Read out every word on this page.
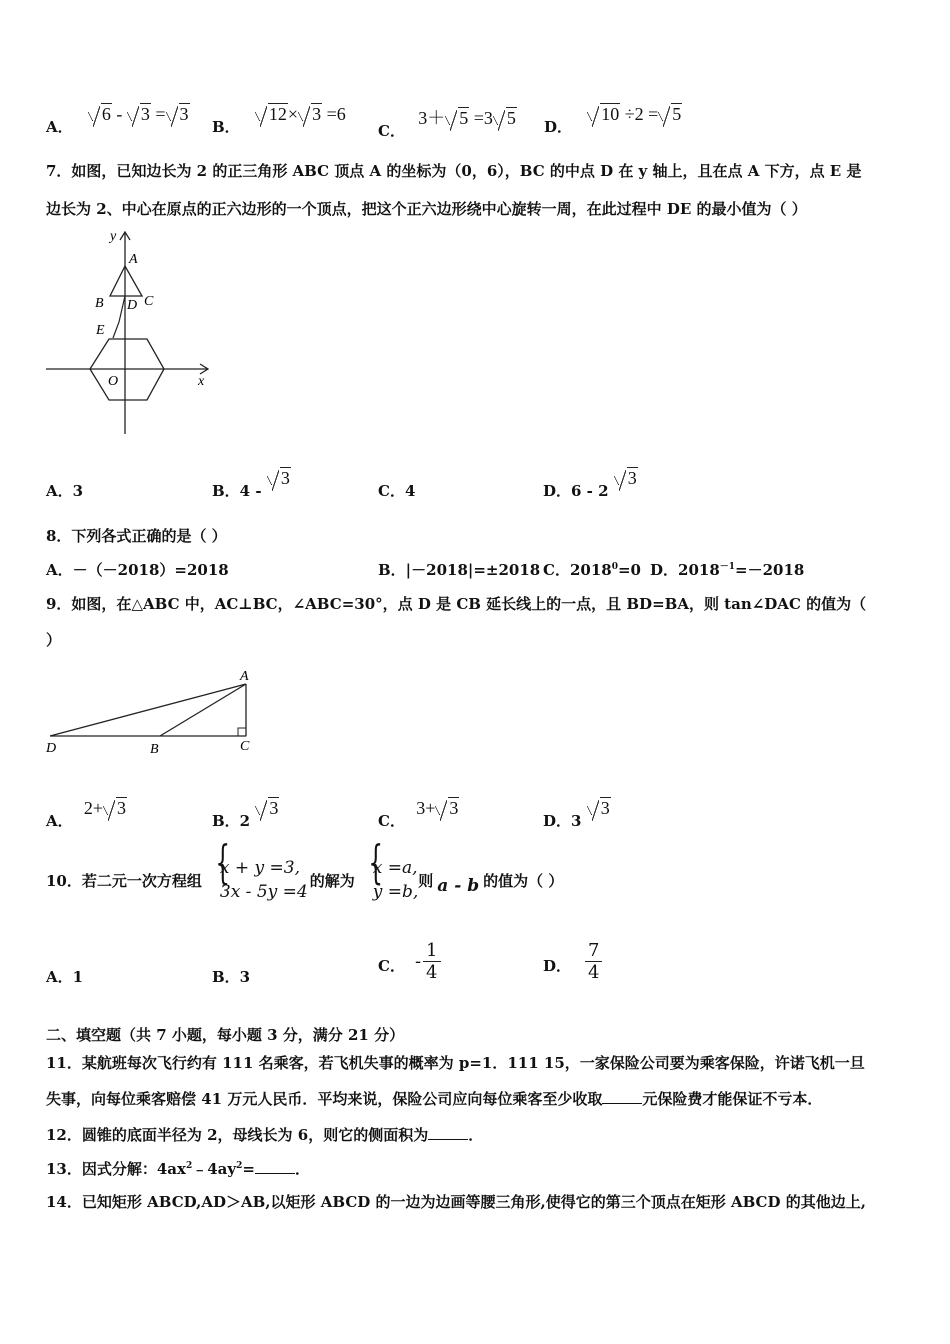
A． 6 - 3 = 3
B． 12× 3 =6
C． 3＋ 5 =3 5 D． 10 ÷2 = 5
7．如图，已知边长为 2 的正三角形 ABC 顶点 A 的坐标为（0，6），BC 的中点 D 在 y 轴上，且在点 A 下方，点 E 是
边长为 2、中心在原点的正六边形的一个顶点，把这个正六边形绕中心旋转一周，在此过程中 DE 的最小值为（ ）
y
x
A
B D C
E
O
A．3	B．4 - 3
C．4	D．6 - 2 3
8．下列各式正确的是（ ）
A．－（－2018）=2018	B．|－2018|=±2018 C．$2018^0=0$ D．$2018^{-1}=-2018$
9．如图，在△ABC 中，AC⊥BC，∠ABC=30°，点 D 是 CB 延长线上的一点，且 BD=BA，则 tan∠DAC 的值为（
）
A
D	B	C
A． 2+ 3
B．2 3
C． 3+ 3
D．3 3
10．若二元一次方程组
{ x + y =3,
3x - 5y =4
的解为
{ x =a,
y =b,
则 a - b 的值为（ ）
A．1	B．3
C． - $\frac{1}{4}$	D． $\frac{7}{4}$
二、填空题（共 7 小题，每小题 3 分，满分 21 分）
11．某航班每次飞行约有 111 名乘客，若飞机失事的概率为 p=1．111 15，一家保险公司要为乘客保险，许诺飞机一旦
失事，向每位乘客赔偿 41 万元人民币．平均来说，保险公司应向每位乘客至少收取	元保险费才能保证不亏本．
12．圆锥的底面半径为 2，母线长为 6，则它的侧面积为	．
13．因式分解：$4ax^2﹣4ay^2=$	．
14．已知矩形 ABCD,AD＞AB,以矩形 ABCD 的一边为边画等腰三角形,使得它的第三个顶点在矩形 ABCD 的其他边上,
